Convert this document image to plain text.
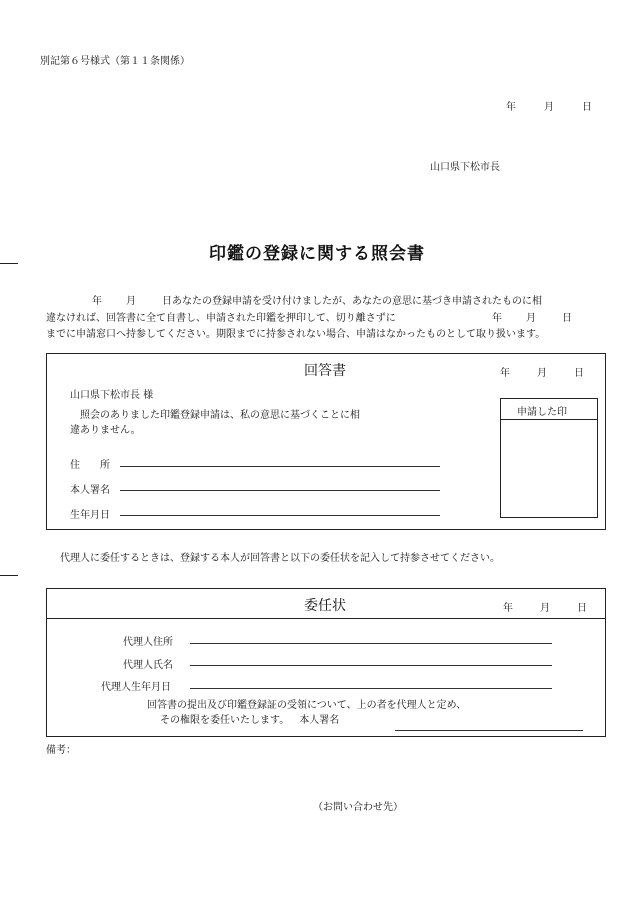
別記第６号様式（第１１条関係）
年	月	日
山口県下松市長
印鑑の登録に関する照会書
年 月	日あなたの登録申請を受け付けましたが、あなたの意思に基づき申請されたものに相
違なければ、回答書に全て自書し、申請された印鑑を押印して、切り離さずに	年 月	日
までに申請窓口へ持参してください。期限までに持参されない場合、申請はなかったものとして取り扱います。
回答書	年	月	日
山口県下松市長 様
照会のありました印鑑登録申請は、私の意思に基づくことに相
違ありません。
住　　所
本人署名
生年月日
申請した印
代理人に委任するときは、登録する本人が回答書と以下の委任状を記入して持参させてください。
委任状	年	月	日
代理人住所
代理人氏名
代理人生年月日
回答書の提出及び印鑑登録証の受領について、上の者を代理人と定め、
その権限を委任いたします。 本人署名
備考：
（お問い合わせ先）
